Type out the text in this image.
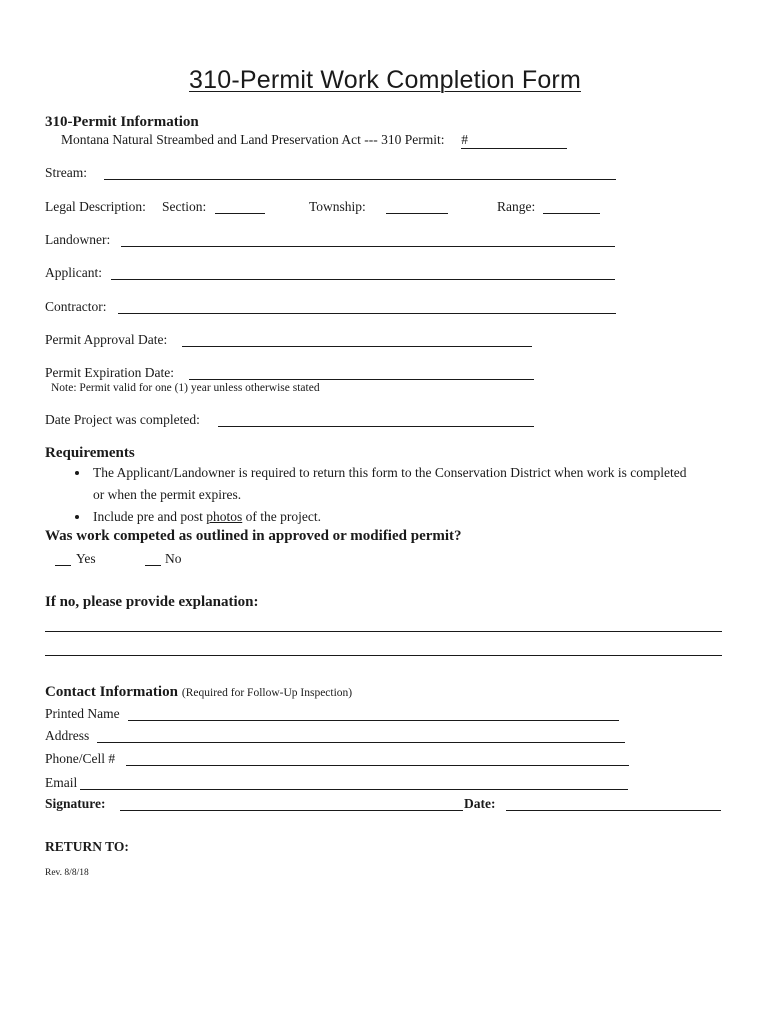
310-Permit Work Completion Form
310-Permit Information
Montana Natural Streambed and Land Preservation Act --- 310 Permit: #
Stream:
Legal Description: Section:	Township:	Range:
Landowner:
Applicant:
Contractor:
Permit Approval Date:
Permit Expiration Date:
Note: Permit valid for one (1) year unless otherwise stated
Date Project was completed:
Requirements
• The Applicant/Landowner is required to return this form to the Conservation District when work is completed or when the permit expires.
• Include pre and post photos of the project.
Was work competed as outlined in approved or modified permit?
Yes	No
If no, please provide explanation:
Contact Information (Required for Follow-Up Inspection)
Printed Name
Address
Phone/Cell #
Email
Signature:	Date:
RETURN TO:
Rev. 8/8/18
